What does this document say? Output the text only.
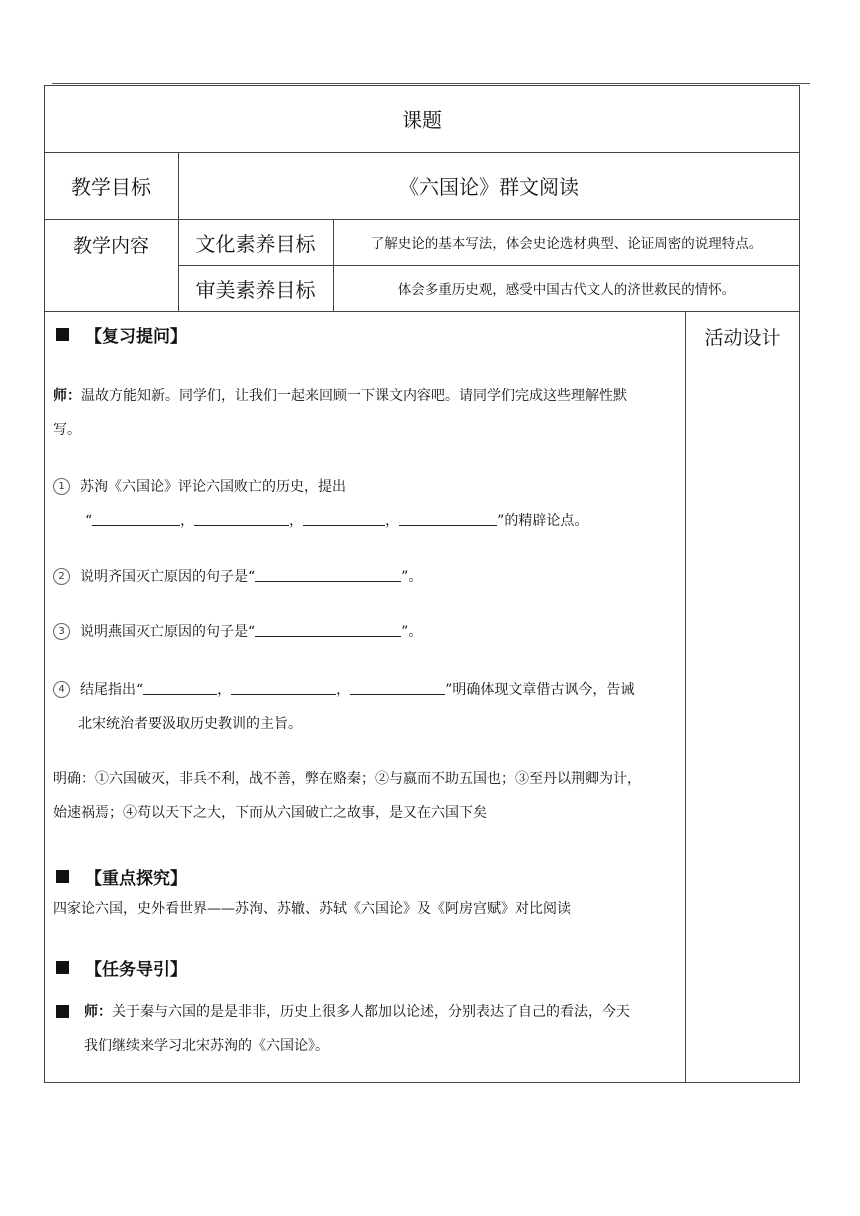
课题
教学目标	《六国论》群文阅读
教学内容	文化素养目标	了解史论的基本写法，体会史论选材典型、论证周密的说理特点。
审美素养目标	体会多重历史观，感受中国古代文人的济世救民的情怀。
活动设计
【复习提问】
师：温故方能知新。同学们，让我们一起来回顾一下课文内容吧。请同学们完成这些理解性默
写。
1 苏洵《六国论》评论六国败亡的历史，提出
“	，	，	，	”的精辟论点。
2 说明齐国灭亡原因的句子是“	”。
3 说明燕国灭亡原因的句子是“	”。
4 结尾指出“	，	，	”明确体现文章借古讽今，告诫
北宋统治者要汲取历史教训的主旨。
明确：①六国破灭，非兵不利，战不善，弊在赂秦；②与嬴而不助五国也；③至丹以荆卿为计，
始速祸焉；④苟以天下之大，下而从六国破亡之故事，是又在六国下矣
【重点探究】
四家论六国，史外看世界——苏洵、苏辙、苏轼《六国论》及《阿房宫赋》对比阅读
【任务导引】
师：关于秦与六国的是是非非，历史上很多人都加以论述，分别表达了自己的看法，今天
我们继续来学习北宋苏洵的《六国论》。
